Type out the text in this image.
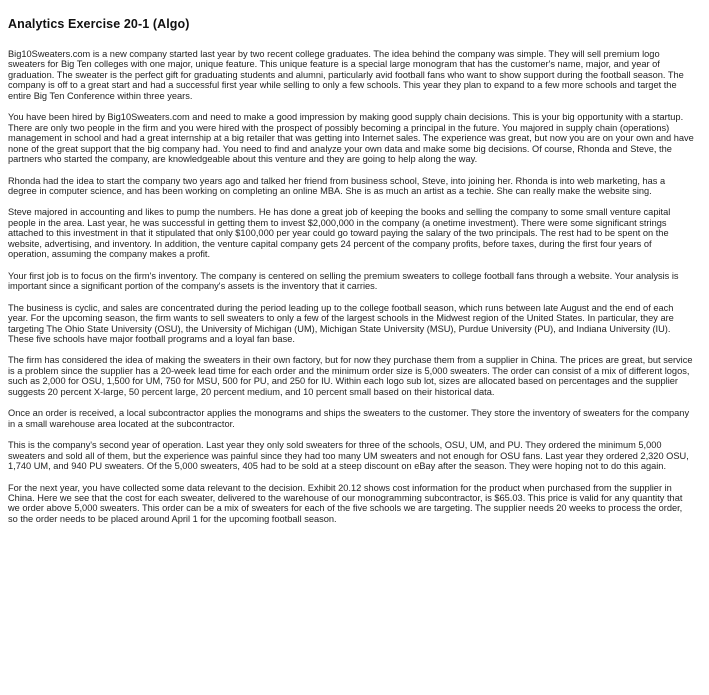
Analytics Exercise 20-1 (Algo)

Big10Sweaters.com is a new company started last year by two recent college graduates. The idea behind the company was simple. They will sell premium logo sweaters for Big Ten colleges with one major, unique feature. This unique feature is a special large monogram that has the customer's name, major, and year of graduation. The sweater is the perfect gift for graduating students and alumni, particularly avid football fans who want to show support during the football season. The company is off to a great start and had a successful first year while selling to only a few schools. This year they plan to expand to a few more schools and target the entire Big Ten Conference within three years.

You have been hired by Big10Sweaters.com and need to make a good impression by making good supply chain decisions. This is your big opportunity with a startup. There are only two people in the firm and you were hired with the prospect of possibly becoming a principal in the future. You majored in supply chain (operations) management in school and had a great internship at a big retailer that was getting into Internet sales. The experience was great, but now you are on your own and have none of the great support that the big company had. You need to find and analyze your own data and make some big decisions. Of course, Rhonda and Steve, the partners who started the company, are knowledgeable about this venture and they are going to help along the way.

Rhonda had the idea to start the company two years ago and talked her friend from business school, Steve, into joining her. Rhonda is into web marketing, has a degree in computer science, and has been working on completing an online MBA. She is as much an artist as a techie. She can really make the website sing.

Steve majored in accounting and likes to pump the numbers. He has done a great job of keeping the books and selling the company to some small venture capital people in the area. Last year, he was successful in getting them to invest $2,000,000 in the company (a onetime investment). There were some significant strings attached to this investment in that it stipulated that only $100,000 per year could go toward paying the salary of the two principals. The rest had to be spent on the website, advertising, and inventory. In addition, the venture capital company gets 24 percent of the company profits, before taxes, during the first four years of operation, assuming the company makes a profit.

Your first job is to focus on the firm's inventory. The company is centered on selling the premium sweaters to college football fans through a website. Your analysis is important since a significant portion of the company's assets is the inventory that it carries.

The business is cyclic, and sales are concentrated during the period leading up to the college football season, which runs between late August and the end of each year. For the upcoming season, the firm wants to sell sweaters to only a few of the largest schools in the Midwest region of the United States. In particular, they are targeting The Ohio State University (OSU), the University of Michigan (UM), Michigan State University (MSU), Purdue University (PU), and Indiana University (IU). These five schools have major football programs and a loyal fan base.

The firm has considered the idea of making the sweaters in their own factory, but for now they purchase them from a supplier in China. The prices are great, but service is a problem since the supplier has a 20-week lead time for each order and the minimum order size is 5,000 sweaters. The order can consist of a mix of different logos, such as 2,000 for OSU, 1,500 for UM, 750 for MSU, 500 for PU, and 250 for IU. Within each logo sub lot, sizes are allocated based on percentages and the supplier suggests 20 percent X-large, 50 percent large, 20 percent medium, and 10 percent small based on their historical data.

Once an order is received, a local subcontractor applies the monograms and ships the sweaters to the customer. They store the inventory of sweaters for the company in a small warehouse area located at the subcontractor.

This is the company's second year of operation. Last year they only sold sweaters for three of the schools, OSU, UM, and PU. They ordered the minimum 5,000 sweaters and sold all of them, but the experience was painful since they had too many UM sweaters and not enough for OSU fans. Last year they ordered 2,320 OSU, 1,740 UM, and 940 PU sweaters. Of the 5,000 sweaters, 405 had to be sold at a steep discount on eBay after the season. They were hoping not to do this again.

For the next year, you have collected some data relevant to the decision. Exhibit 20.12 shows cost information for the product when purchased from the supplier in China. Here we see that the cost for each sweater, delivered to the warehouse of our monogramming subcontractor, is $65.03. This price is valid for any quantity that we order above 5,000 sweaters. This order can be a mix of sweaters for each of the five schools we are targeting. The supplier needs 20 weeks to process the order, so the order needs to be placed around April 1 for the upcoming football season.
